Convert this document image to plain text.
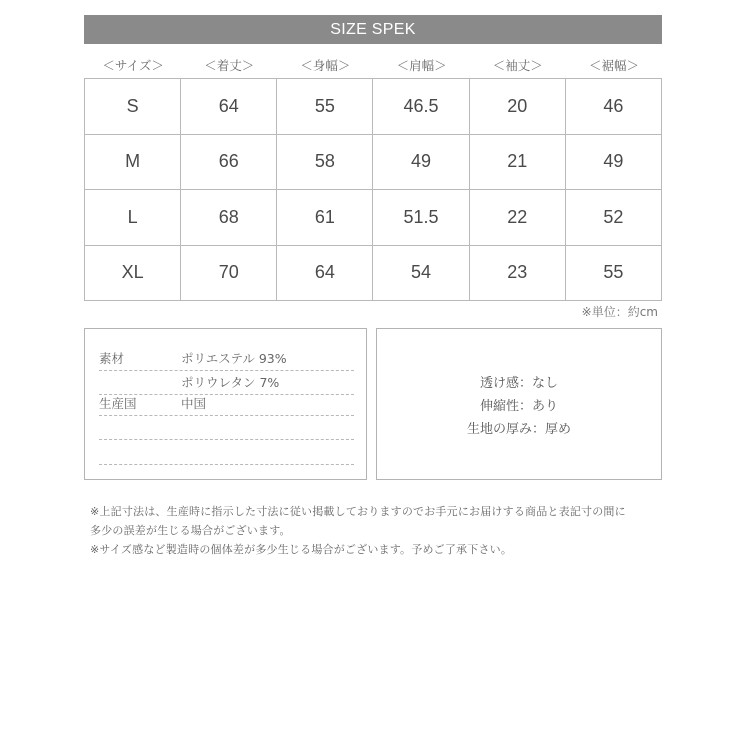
SIZE SPEK
＜サイズ＞	＜着丈＞	＜身幅＞	＜肩幅＞	＜袖丈＞	＜裾幅＞
S	64	55	46.5	20	46
M	66	58	49	21	49
L	68	61	51.5	22	52
XL	70	64	54	23	55
※単位：約cm
素材	ポリエステル 93%
ポリウレタン 7%
生産国	中国
透け感：なし
伸縮性：あり
生地の厚み：厚め
※上記寸法は、生産時に指示した寸法に従い掲載しておりますのでお手元にお届けする商品と表記寸の間に
多少の誤差が生じる場合がございます。
※サイズ感など製造時の個体差が多少生じる場合がございます。予めご了承下さい。
